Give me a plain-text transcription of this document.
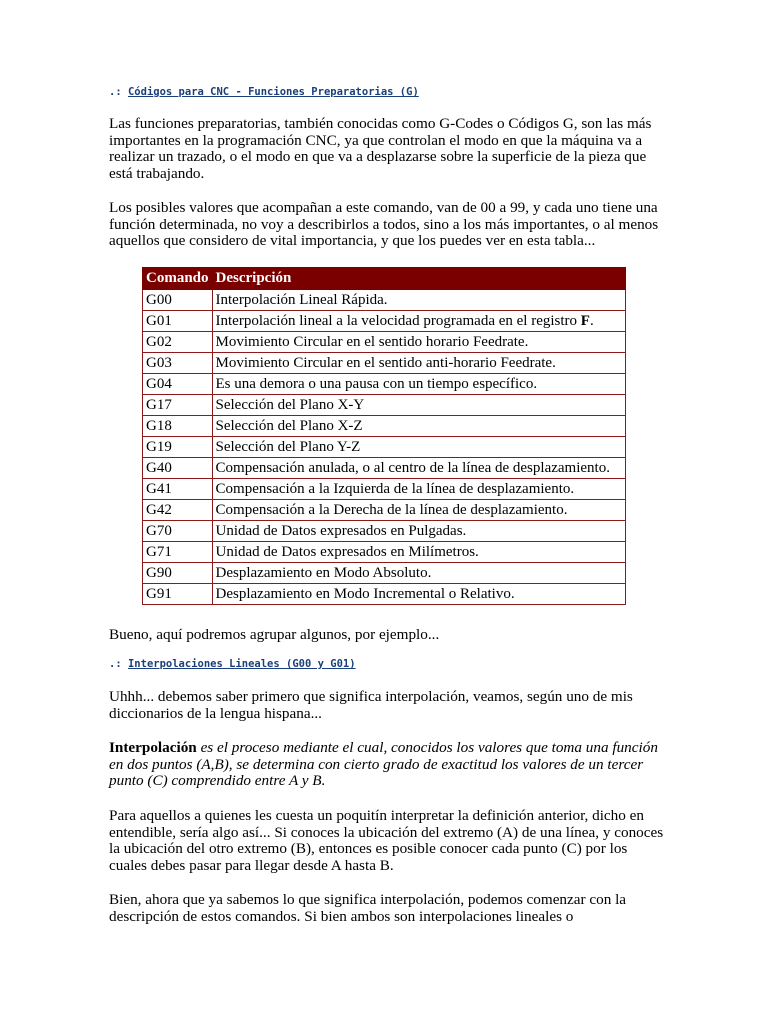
.: Códigos para CNC - Funciones Preparatorias (G)

Las funciones preparatorias, también conocidas como G-Codes o Códigos G, son las más importantes en la programación CNC, ya que controlan el modo en que la máquina va a realizar un trazado, o el modo en que va a desplazarse sobre la superficie de la pieza que está trabajando.

Los posibles valores que acompañan a este comando, van de 00 a 99, y cada uno tiene una función determinada, no voy a describirlos a todos, sino a los más importantes, o al menos aquellos que considero de vital importancia, y que los puedes ver en esta tabla...

Comando	Descripción
G00	Interpolación Lineal Rápida.
G01	Interpolación lineal a la velocidad programada en el registro F.
G02	Movimiento Circular en el sentido horario Feedrate.
G03	Movimiento Circular en el sentido anti-horario Feedrate.
G04	Es una demora o una pausa con un tiempo específico.
G17	Selección del Plano X-Y
G18	Selección del Plano X-Z
G19	Selección del Plano Y-Z
G40	Compensación anulada, o al centro de la línea de desplazamiento.
G41	Compensación a la Izquierda de la línea de desplazamiento.
G42	Compensación a la Derecha de la línea de desplazamiento.
G70	Unidad de Datos expresados en Pulgadas.
G71	Unidad de Datos expresados en Milímetros.
G90	Desplazamiento en Modo Absoluto.
G91	Desplazamiento en Modo Incremental o Relativo.

Bueno, aquí podremos agrupar algunos, por ejemplo...

.: Interpolaciones Lineales (G00 y G01)

Uhhh... debemos saber primero que significa interpolación, veamos, según uno de mis diccionarios de la lengua hispana...

Interpolación es el proceso mediante el cual, conocidos los valores que toma una función en dos puntos (A,B), se determina con cierto grado de exactitud los valores de un tercer punto (C) comprendido entre A y B.

Para aquellos a quienes les cuesta un poquitín interpretar la definición anterior, dicho en entendible, sería algo así... Si conoces la ubicación del extremo (A) de una línea, y conoces la ubicación del otro extremo (B), entonces es posible conocer cada punto (C) por los cuales debes pasar para llegar desde A hasta B.

Bien, ahora que ya sabemos lo que significa interpolación, podemos comenzar con la descripción de estos comandos. Si bien ambos son interpolaciones lineales o
